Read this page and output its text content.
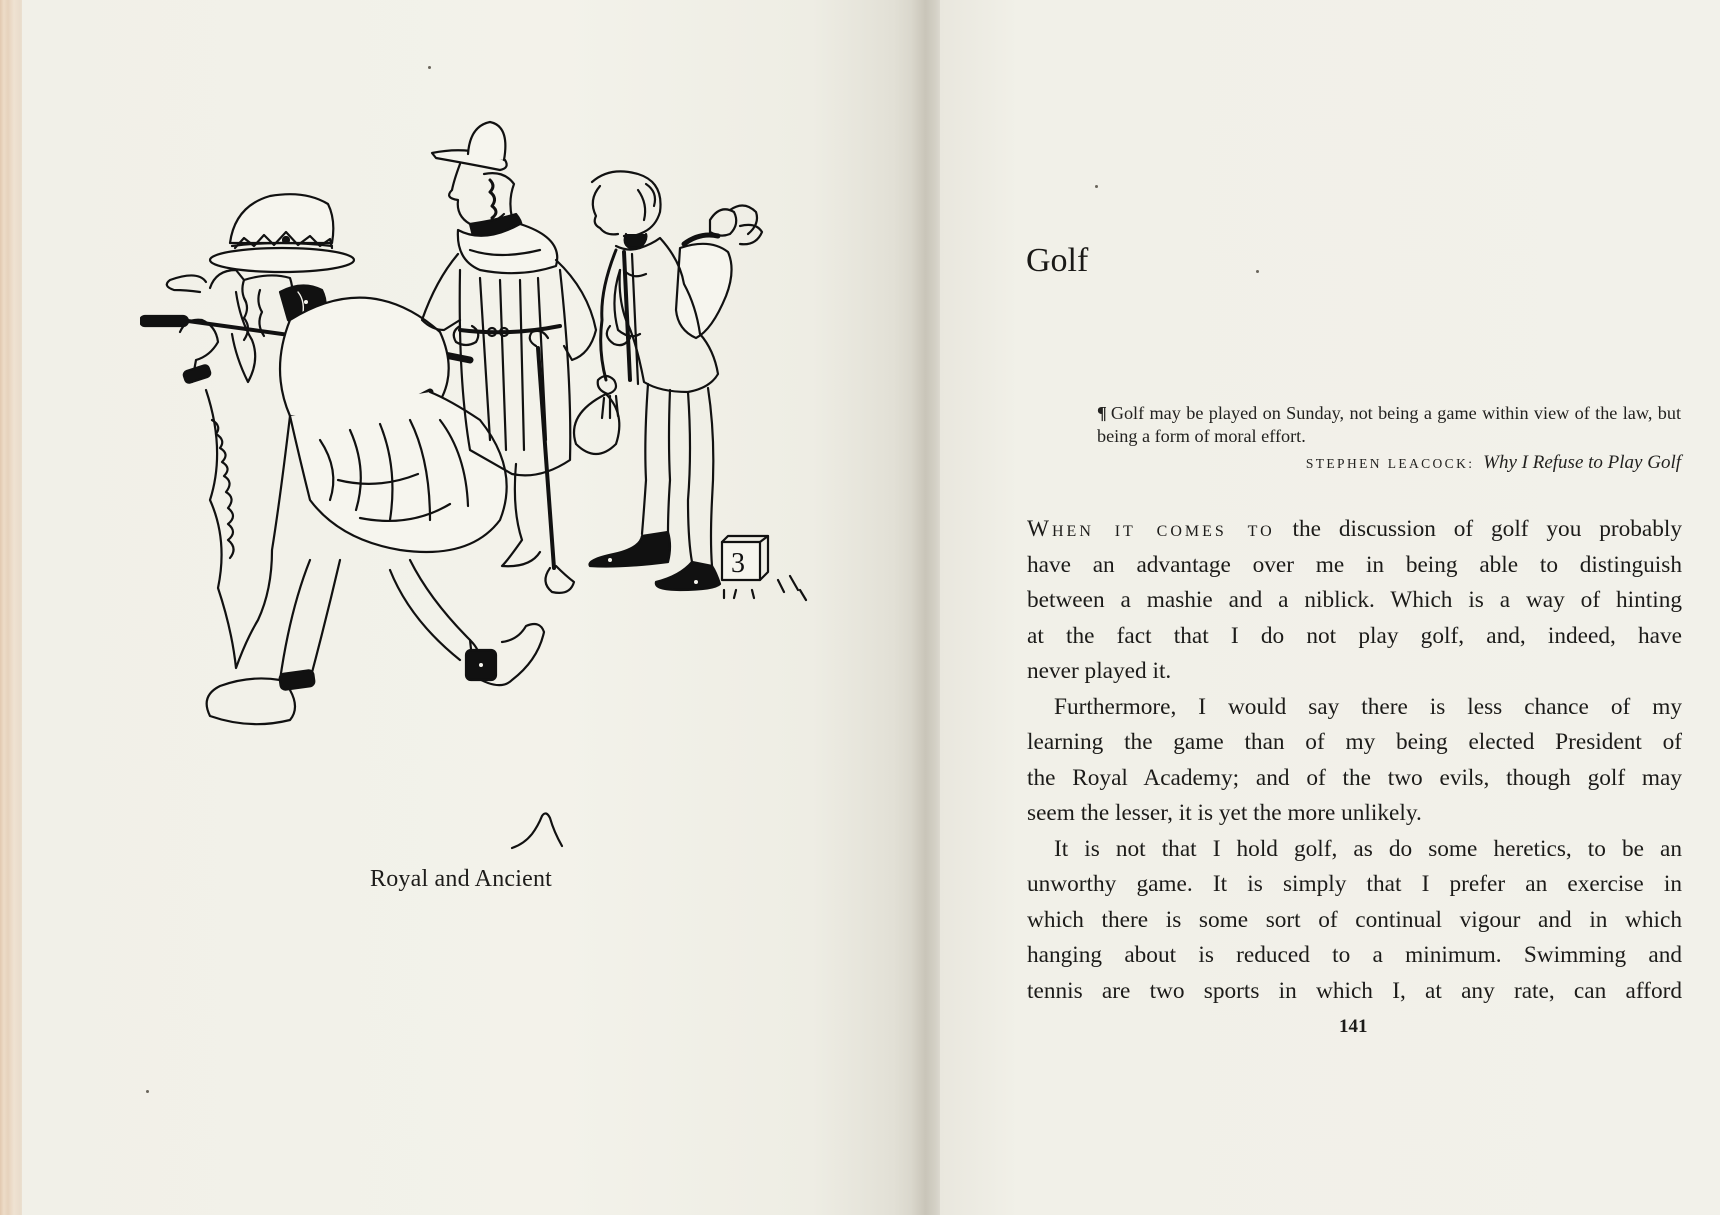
3
Royal and Ancient
Golf

¶ Golf may be played on Sunday, not being a game within view of the law, but being a form of moral effort.

STEPHEN LEACOCK: Why I Refuse to Play Golf

When it comes to the discussion of golf you probably

have an advantage over me in being able to distinguish

between a mashie and a niblick. Which is a way of hinting

at the fact that I do not play golf, and, indeed, have

never played it.

Furthermore, I would say there is less chance of my

learning the game than of my being elected President of

the Royal Academy; and of the two evils, though golf may

seem the lesser, it is yet the more unlikely.

It is not that I hold golf, as do some heretics, to be an

unworthy game. It is simply that I prefer an exercise in

which there is some sort of continual vigour and in which

hanging about is reduced to a minimum. Swimming and

tennis are two sports in which I, at any rate, can afford

141
